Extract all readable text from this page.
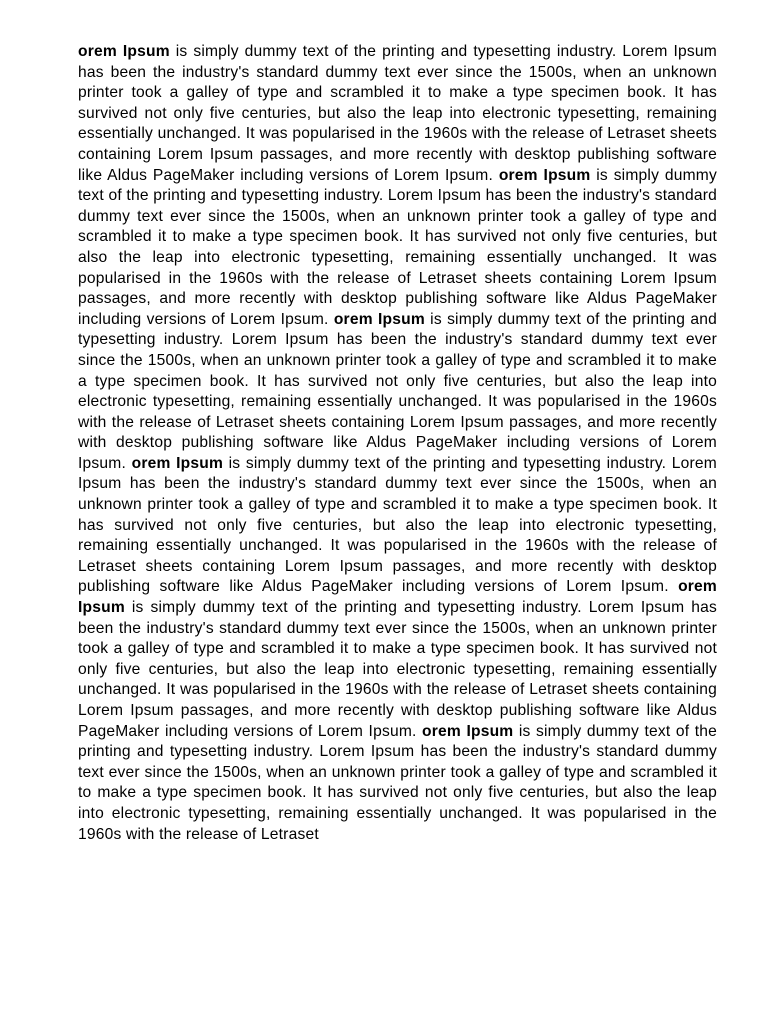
orem Ipsum is simply dummy text of the printing and typesetting industry. Lorem Ipsum has been the industry's standard dummy text ever since the 1500s, when an unknown printer took a galley of type and scrambled it to make a type specimen book. It has survived not only five centuries, but also the leap into electronic typesetting, remaining essentially unchanged. It was popularised in the 1960s with the release of Letraset sheets containing Lorem Ipsum passages, and more recently with desktop publishing software like Aldus PageMaker including versions of Lorem Ipsum. orem Ipsum is simply dummy text of the printing and typesetting industry. Lorem Ipsum has been the industry's standard dummy text ever since the 1500s, when an unknown printer took a galley of type and scrambled it to make a type specimen book. It has survived not only five centuries, but also the leap into electronic typesetting, remaining essentially unchanged. It was popularised in the 1960s with the release of Letraset sheets containing Lorem Ipsum passages, and more recently with desktop publishing software like Aldus PageMaker including versions of Lorem Ipsum. orem Ipsum is simply dummy text of the printing and typesetting industry. Lorem Ipsum has been the industry's standard dummy text ever since the 1500s, when an unknown printer took a galley of type and scrambled it to make a type specimen book. It has survived not only five centuries, but also the leap into electronic typesetting, remaining essentially unchanged. It was popularised in the 1960s with the release of Letraset sheets containing Lorem Ipsum passages, and more recently with desktop publishing software like Aldus PageMaker including versions of Lorem Ipsum. orem Ipsum is simply dummy text of the printing and typesetting industry. Lorem Ipsum has been the industry's standard dummy text ever since the 1500s, when an unknown printer took a galley of type and scrambled it to make a type specimen book. It has survived not only five centuries, but also the leap into electronic typesetting, remaining essentially unchanged. It was popularised in the 1960s with the release of Letraset sheets containing Lorem Ipsum passages, and more recently with desktop publishing software like Aldus PageMaker including versions of Lorem Ipsum. orem Ipsum is simply dummy text of the printing and typesetting industry. Lorem Ipsum has been the industry's standard dummy text ever since the 1500s, when an unknown printer took a galley of type and scrambled it to make a type specimen book. It has survived not only five centuries, but also the leap into electronic typesetting, remaining essentially unchanged. It was popularised in the 1960s with the release of Letraset sheets containing Lorem Ipsum passages, and more recently with desktop publishing software like Aldus PageMaker including versions of Lorem Ipsum. orem Ipsum is simply dummy text of the printing and typesetting industry. Lorem Ipsum has been the industry's standard dummy text ever since the 1500s, when an unknown printer took a galley of type and scrambled it to make a type specimen book. It has survived not only five centuries, but also the leap into electronic typesetting, remaining essentially unchanged. It was popularised in the 1960s with the release of Letraset
